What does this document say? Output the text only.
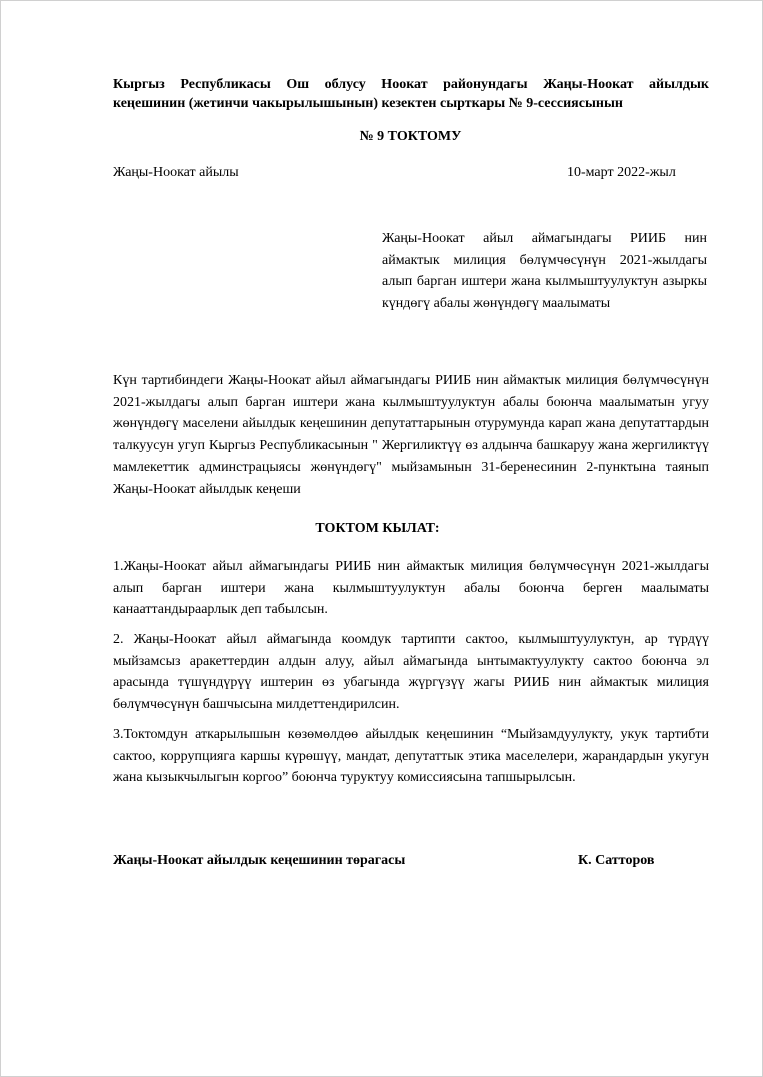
Кыргыз Республикасы Ош облусу Ноокат районундагы Жаңы-Ноокат айылдык
кеңешинин (жетинчи чакырылышынын) кезектен сырткары № 9-сессиясынын
№ 9 ТОКТОМУ
Жаңы-Ноокат айылы	10-март 2022-жыл
Жаңы-Ноокат айыл аймагындагы РИИБ нин аймактык милиция бөлүмчөсүнүн 2021-жылдагы алып барган иштери жана кылмыштуулуктун азыркы күндөгү абалы жөнүндөгү маалыматы
Күн тартибиндеги Жаңы-Ноокат айыл аймагындагы РИИБ нин аймактык милиция бөлүмчөсүнүн 2021-жылдагы алып барган иштери жана кылмыштуулуктун абалы боюнча маалыматын угуу жөнүндөгү маселени айылдык кеңешинин депутаттарынын отурумунда карап жана депутаттардын талкуусун угуп Кыргыз Республикасынын " Жергиликтүү өз алдынча башкаруу жана жергиликтүү мамлекеттик админстрацыясы жөнүндөгү" мыйзамынын 31-беренесинин 2-пунктына таянып Жаңы-Ноокат айылдык кеңеши
ТОКТОМ КЫЛАТ:
1.Жаңы-Ноокат айыл аймагындагы РИИБ нин аймактык милиция бөлүмчөсүнүн 2021-жылдагы алып барган иштери жана кылмыштуулуктун абалы боюнча берген маалыматы канааттандыраарлык деп табылсын.
2. Жаңы-Ноокат айыл аймагында коомдук тартипти сактоо, кылмыштуулуктун, ар түрдүү мыйзамсыз аракеттердин алдын алуу, айыл аймагында ынтымактуулукту сактоо боюнча эл арасында түшүндүрүү иштерин өз убагында жүргүзүү жагы РИИБ нин аймактык милиция бөлүмчөсүнүн башчысына милдеттендирилсин.
3.Токтомдун аткарылышын көзөмөлдөө айылдык кеңешинин “Мыйзамдуулукту, укук тартибти сактоо, коррупцияга каршы күрөшүү, мандат, депутаттык этика маселелери, жарандардын укугун жана кызыкчылыгын коргоо” боюнча туруктуу комиссиясына тапшырылсын.
Жаңы-Ноокат айылдык кеңешинин төрагасы	К. Сатторов
